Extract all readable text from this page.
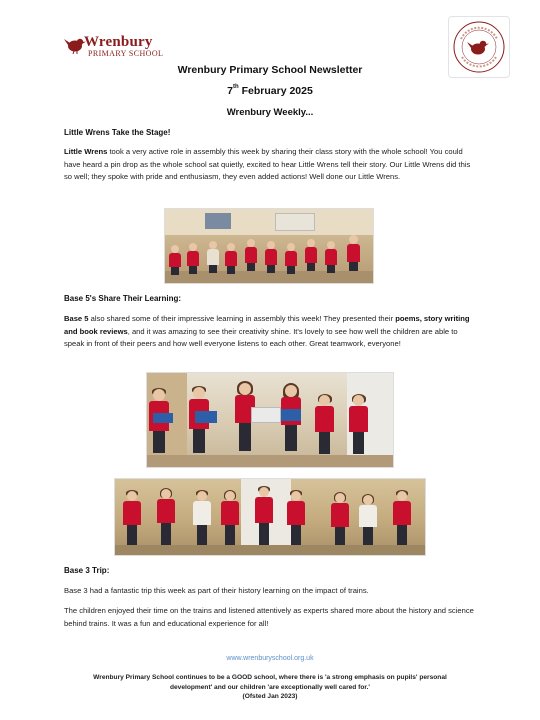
Wrenbury
PRIMARY SCHOOL
Wrenbury Primary School Newsletter
7th February 2025
Wrenbury Weekly...
Little Wrens Take the Stage!
Little Wrens took a very active role in assembly this week by sharing their class story with the whole school! You could have heard a pin drop as the whole school sat quietly, excited to hear Little Wrens tell their story. Our Little Wrens did this so well; they spoke with pride and enthusiasm, they even added actions! Well done our Little Wrens.
Base 5's Share Their Learning:
Base 5 also shared some of their impressive learning in assembly this week! They presented their poems, story writing and book reviews, and it was amazing to see their creativity shine. It's lovely to see how well the children are able to speak in front of their peers and how well everyone listens to each other. Great teamwork, everyone!
Base 3 Trip:
Base 3 had a fantastic trip this week as part of their history learning on the impact of trains.
The children enjoyed their time on the trains and listened attentively as experts shared more about the history and science behind trains. It was a fun and educational experience for all!
www.wrenburyschool.org.uk
Wrenbury Primary School continues to be a GOOD school, where there is 'a strong emphasis on pupils' personal
development' and our children 'are exceptionally well cared for.'
(Ofsted Jan 2023)
